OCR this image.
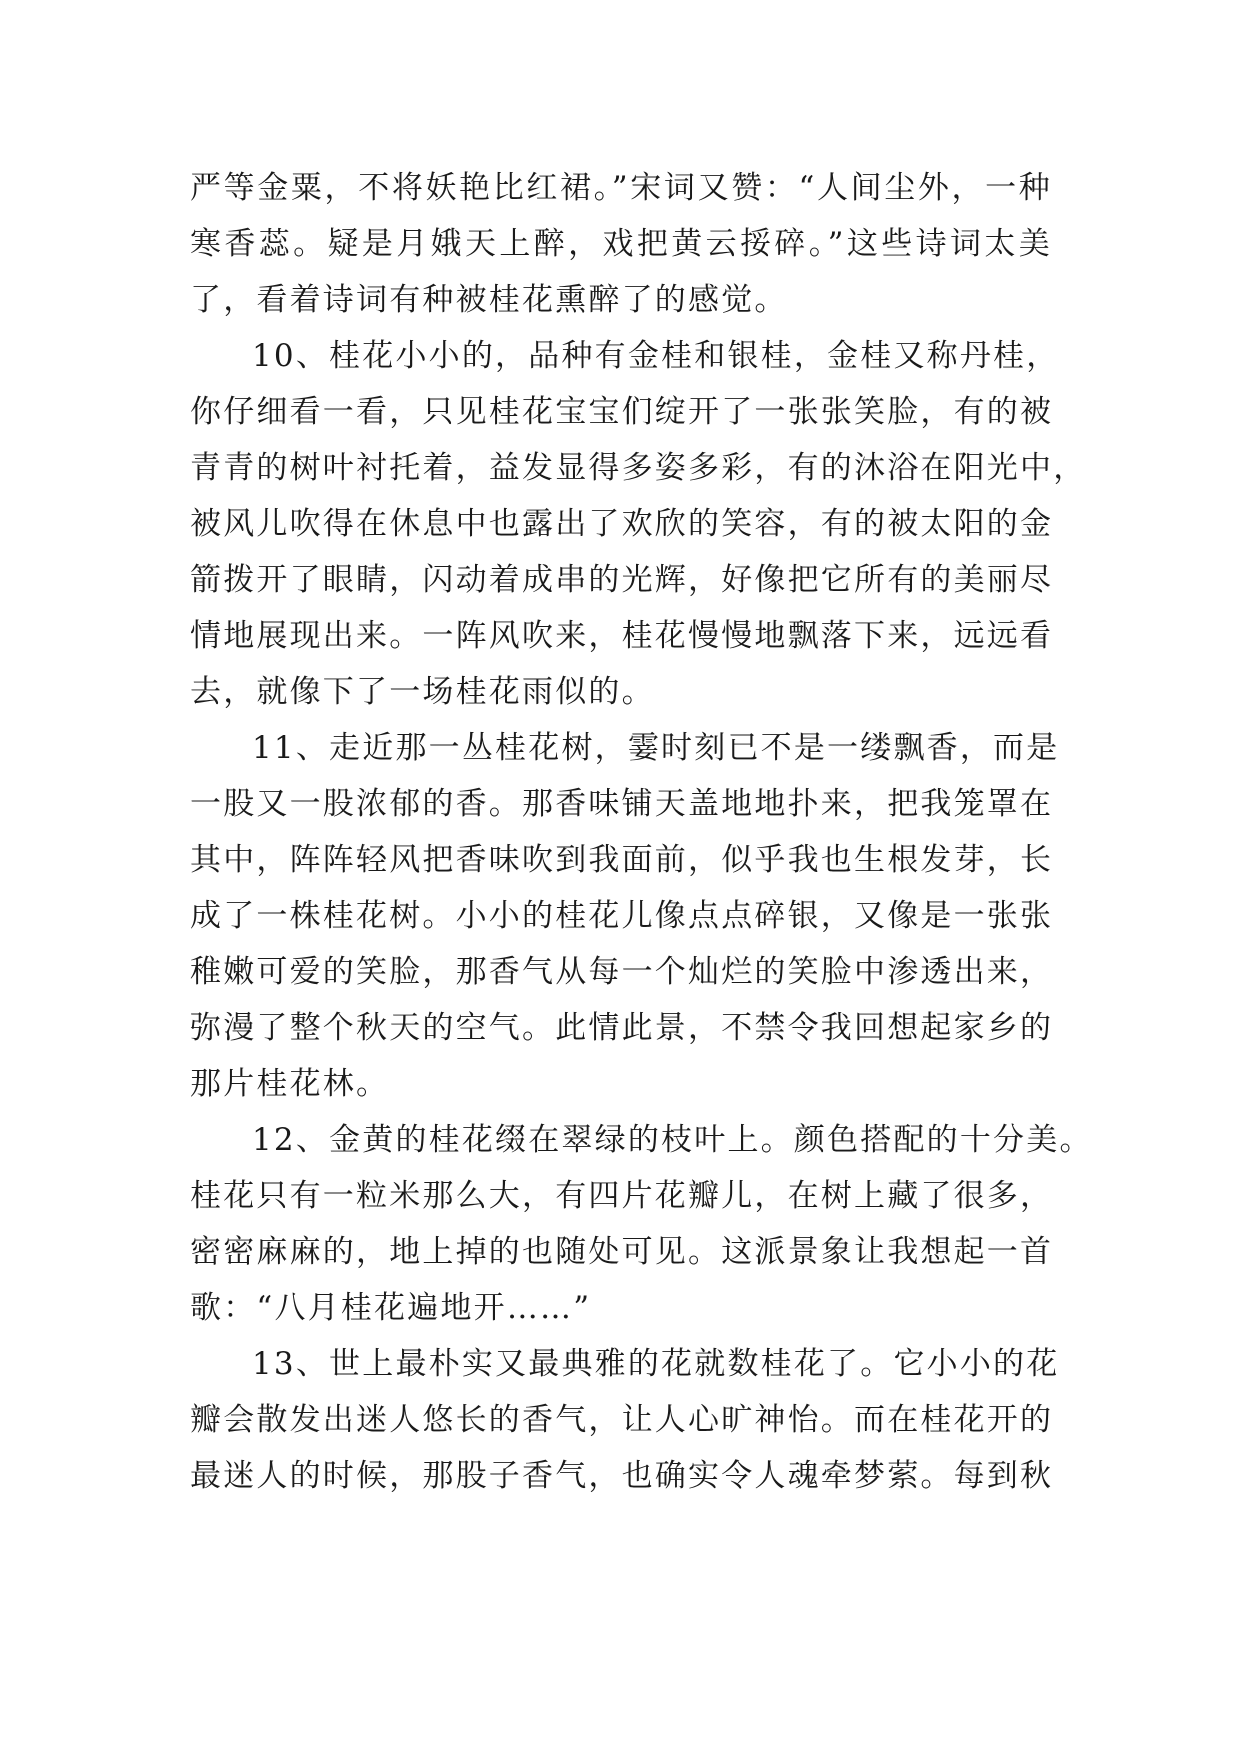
严等金粟，不将妖艳比红裙。”宋词又赞：“人间尘外，一种
寒香蕊。疑是月娥天上醉，戏把黄云挼碎。”这些诗词太美
了，看着诗词有种被桂花熏醉了的感觉。
10、桂花小小的，品种有金桂和银桂，金桂又称丹桂，
你仔细看一看，只见桂花宝宝们绽开了一张张笑脸，有的被
青青的树叶衬托着，益发显得多姿多彩，有的沐浴在阳光中，
被风儿吹得在休息中也露出了欢欣的笑容，有的被太阳的金
箭拨开了眼睛，闪动着成串的光辉，好像把它所有的美丽尽
情地展现出来。一阵风吹来，桂花慢慢地飘落下来，远远看
去，就像下了一场桂花雨似的。
11、走近那一丛桂花树，霎时刻已不是一缕飘香，而是
一股又一股浓郁的香。那香味铺天盖地地扑来，把我笼罩在
其中，阵阵轻风把香味吹到我面前，似乎我也生根发芽，长
成了一株桂花树。小小的桂花儿像点点碎银，又像是一张张
稚嫩可爱的笑脸，那香气从每一个灿烂的笑脸中渗透出来，
弥漫了整个秋天的空气。此情此景，不禁令我回想起家乡的
那片桂花林。
12、金黄的桂花缀在翠绿的枝叶上。颜色搭配的十分美。
桂花只有一粒米那么大，有四片花瓣儿，在树上藏了很多，
密密麻麻的，地上掉的也随处可见。这派景象让我想起一首
歌：“八月桂花遍地开……”
13、世上最朴实又最典雅的花就数桂花了。它小小的花
瓣会散发出迷人悠长的香气，让人心旷神怡。而在桂花开的
最迷人的时候，那股子香气，也确实令人魂牵梦萦。每到秋
